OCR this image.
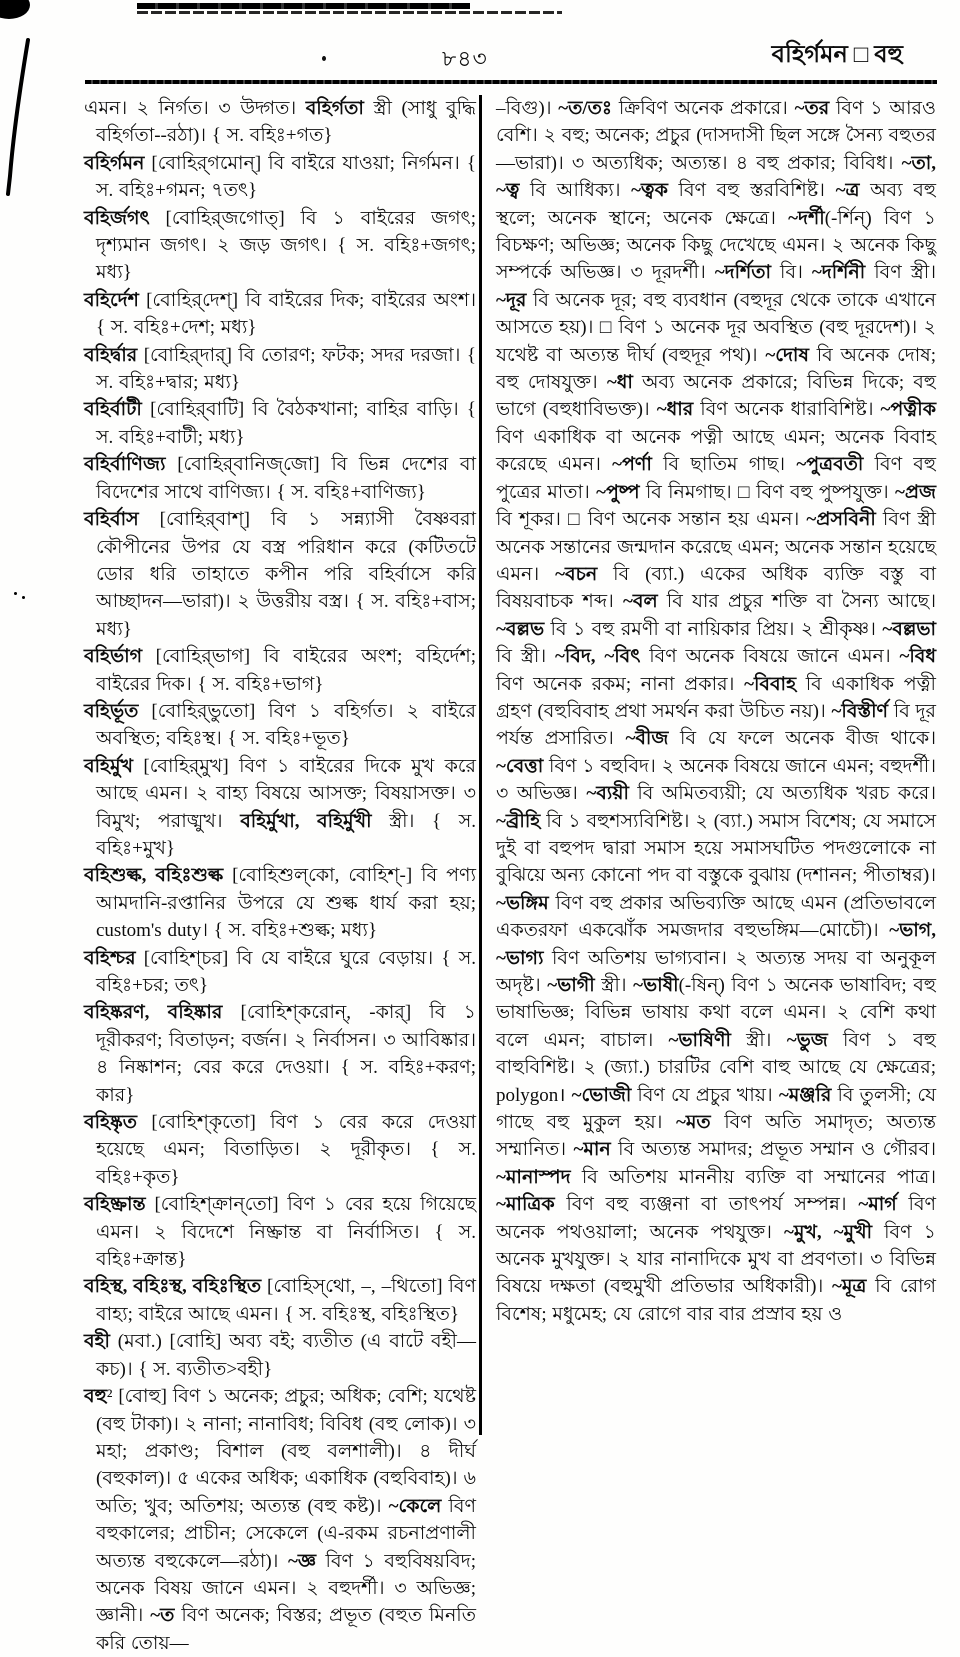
৮৪৩	বহির্গমন □ বহু

এমন। ২ নির্গত। ৩ উদ্গত। বহির্গতা স্ত্রী (সাধু বুদ্ধি বহির্গতা--রঠা)। { স. বহিঃ+গত}

বহির্গমন [বোহির্‌গমোন্] বি বাইরে যাওয়া; নির্গমন। { স. বহিঃ+গমন; ৭তৎ}

বহির্জগৎ [বোহির্‌জগোত্] বি ১ বাইরের জগৎ; দৃশ্যমান জগৎ। ২ জড় জগৎ। { স. বহিঃ+জগৎ; মধ্য}

বহির্দেশ [বোহির্‌দেশ্] বি বাইরের দিক; বাইরের অংশ। { স. বহিঃ+দেশ; মধ্য}

বহির্দ্বার [বোহির্‌দার্] বি তোরণ; ফটক; সদর দরজা। { স. বহিঃ+দ্বার; মধ্য}

বহির্বাটী [বোহির্‌বাটি] বি বৈঠকখানা; বাহির বাড়ি। { স. বহিঃ+বাটী; মধ্য}

বহির্বাণিজ্য [বোহির্‌বানিজ্‌জো] বি ভিন্ন দেশের বা বিদেশের সাথে বাণিজ্য। { স. বহিঃ+বাণিজ্য}

বহির্বাস [বোহির্‌বাশ্] বি ১ সন্ন্যাসী বৈষ্ণবরা কৌপীনের উপর যে বস্ত্র পরিধান করে (কটিতটে ডোর ধরি তাহাতে কপীন পরি বহির্বাসে করি আচ্ছাদন—ভারা)। ২ উত্তরীয় বস্ত্র। { স. বহিঃ+বাস; মধ্য}

বহির্ভাগ [বোহির্‌ভাগ] বি বাইরের অংশ; বহির্দেশ; বাইরের দিক। { স. বহিঃ+ভাগ}

বহির্ভূত [বোহির্‌ভুতো] বিণ ১ বহির্গত। ২ বাইরে অবস্থিত; বহিঃস্থ। { স. বহিঃ+ভূত}

বহির্মুখ [বোহির্‌মুখ] বিণ ১ বাইরের দিকে মুখ করে আছে এমন। ২ বাহ্য বিষয়ে আসক্ত; বিষয়াসক্ত। ৩ বিমুখ; পরাঙ্মুখ। বহির্মুখা, বহির্মুখী স্ত্রী। { স. বহিঃ+মুখ}

বহিশুল্ক, বহিঃশুল্ক [বোহিশুল্‌কো, বোহিশ্-] বি পণ্য আমদানি-রপ্তানির উপরে যে শুল্ক ধার্য করা হয়; custom's duty। { স. বহিঃ+শুল্ক; মধ্য}

বহিশ্চর [বোহিশ্‌চর] বি যে বাইরে ঘুরে বেড়ায়। { স. বহিঃ+চর; তৎ}

বহিষ্করণ, বহিষ্কার [বোহিশ্‌করোন্, -কার্] বি ১ দূরীকরণ; বিতাড়ন; বর্জন। ২ নির্বাসন। ৩ আবিষ্কার। ৪ নিষ্কাশন; বের করে দেওয়া। { স. বহিঃ+করণ; কার}

বহিষ্কৃত [বোহিশ্‌কৃতো] বিণ ১ বের করে দেওয়া হয়েছে এমন; বিতাড়িত। ২ দূরীকৃত। { স. বহিঃ+কৃত}

বহিষ্ক্রান্ত [বোহিশ্‌ক্রান্‌তো] বিণ ১ বের হয়ে গিয়েছে এমন। ২ বিদেশে নিষ্ক্রান্ত বা নির্বাসিত। { স. বহিঃ+ক্রান্ত}

বহিস্থ, বহিঃস্থ, বহিঃস্থিত [বোহিস্‌থো, –, –থিতো] বিণ বাহ্য; বাইরে আছে এমন। { স. বহিঃস্থ, বহিঃস্থিত}

বহী (মবা.) [বোহি] অব্য বই; ব্যতীত (এ বাটে বহী—কচ)। { স. ব্যতীত>বহী}

বহু² [বোহু] বিণ ১ অনেক; প্রচুর; অধিক; বেশি; যথেষ্ট (বহু টাকা)। ২ নানা; নানাবিধ; বিবিধ (বহু লোক)। ৩ মহা; প্রকাণ্ড; বিশাল (বহু বলশালী)। ৪ দীর্ঘ (বহুকাল)। ৫ একের অধিক; একাধিক (বহুবিবাহ)। ৬ অতি; খুব; অতিশয়; অত্যন্ত (বহু কষ্ট)। ~কেলে বিণ বহুকালের; প্রাচীন; সেকেলে (এ-রকম রচনাপ্রণালী অত্যন্ত বহুকেলে—রঠা)। ~জ্ঞ বিণ ১ বহুবিষয়বিদ; অনেক বিষয় জানে এমন। ২ বহুদর্শী। ৩ অভিজ্ঞ; জ্ঞানী। ~ত বিণ অনেক; বিস্তর; প্রভূত (বহুত মিনতি করি তোয়—

–বিগু)। ~ত/তঃ ক্রিবিণ অনেক প্রকারে। ~তর বিণ ১ আরও বেশি। ২ বহু; অনেক; প্রচুর (দাসদাসী ছিল সঙ্গে সৈন্য বহুতর—ভারা)। ৩ অত্যধিক; অত্যন্ত। ৪ বহু প্রকার; বিবিধ। ~তা, ~ত্ব বি আধিক্য। ~ত্বক বিণ বহু স্তরবিশিষ্ট। ~ত্র অব্য বহু স্থলে; অনেক স্থানে; অনেক ক্ষেত্রে। ~দর্শী(-র্শিন্) বিণ ১ বিচক্ষণ; অভিজ্ঞ; অনেক কিছু দেখেছে এমন। ২ অনেক কিছু সম্পর্কে অভিজ্ঞ। ৩ দূরদর্শী। ~দর্শিতা বি। ~দর্শিনী বিণ স্ত্রী। ~দূর বি অনেক দূর; বহু ব্যবধান (বহুদূর থেকে তাকে এখানে আসতে হয়)। □ বিণ ১ অনেক দূর অবস্থিত (বহু দূরদেশ)। ২ যথেষ্ট বা অত্যন্ত দীর্ঘ (বহুদূর পথ)। ~দোষ বি অনেক দোষ; বহু দোষযুক্ত। ~ধা অব্য অনেক প্রকারে; বিভিন্ন দিকে; বহু ভাগে (বহুধাবিভক্ত)। ~ধার বিণ অনেক ধারাবিশিষ্ট। ~পত্নীক বিণ একাধিক বা অনেক পত্নী আছে এমন; অনেক বিবাহ করেছে এমন। ~পর্ণা বি ছাতিম গাছ। ~পুত্রবতী বিণ বহু পুত্রের মাতা। ~পুষ্প বি নিমগাছ। □ বিণ বহু পুষ্পযুক্ত। ~প্রজ বি শূকর। □ বিণ অনেক সন্তান হয় এমন। ~প্রসবিনী বিণ স্ত্রী অনেক সন্তানের জন্মদান করেছে এমন; অনেক সন্তান হয়েছে এমন। ~বচন বি (ব্যা.) একের অধিক ব্যক্তি বস্তু বা বিষয়বাচক শব্দ। ~বল বি যার প্রচুর শক্তি বা সৈন্য আছে। ~বল্লভ বি ১ বহু রমণী বা নায়িকার প্রিয়। ২ শ্রীকৃষ্ণ। ~বল্লভা বি স্ত্রী। ~বিদ, ~বিৎ বিণ অনেক বিষয়ে জানে এমন। ~বিধ বিণ অনেক রকম; নানা প্রকার। ~বিবাহ বি একাধিক পত্নী গ্রহণ (বহুবিবাহ প্রথা সমর্থন করা উচিত নয়)। ~বিস্তীর্ণ বি দূর পর্যন্ত প্রসারিত। ~বীজ বি যে ফলে অনেক বীজ থাকে। ~বেত্তা বিণ ১ বহুবিদ। ২ অনেক বিষয়ে জানে এমন; বহুদর্শী। ৩ অভিজ্ঞ। ~ব্যয়ী বি অমিতব্যয়ী; যে অত্যধিক খরচ করে। ~ব্রীহি বি ১ বহুশস্যবিশিষ্ট। ২ (ব্যা.) সমাস বিশেষ; যে সমাসে দুই বা বহুপদ দ্বারা সমাস হয়ে সমাসঘটিত পদগুলোকে না বুঝিয়ে অন্য কোনো পদ বা বস্তুকে বুঝায় (দশানন; পীতাম্বর)। ~ভঙ্গিম বিণ বহু প্রকার অভিব্যক্তি আছে এমন (প্রতিভাবলে একতরফা একঝোঁক সমজদার বহুভঙ্গিম—মোচৌ)। ~ভাগ, ~ভাগ্য বিণ অতিশয় ভাগ্যবান। ২ অত্যন্ত সদয় বা অনুকূল অদৃষ্ট। ~ভাগী স্ত্রী। ~ভাষী(-ষিন্) বিণ ১ অনেক ভাষাবিদ; বহু ভাষাভিজ্ঞ; বিভিন্ন ভাষায় কথা বলে এমন। ২ বেশি কথা বলে এমন; বাচাল। ~ভাষিণী স্ত্রী। ~ভুজ বিণ ১ বহু বাহুবিশিষ্ট। ২ (জ্যা.) চারটির বেশি বাহু আছে যে ক্ষেত্রের; polygon। ~ভোজী বিণ যে প্রচুর খায়। ~মঞ্জরি বি তুলসী; যে গাছে বহু মুকুল হয়। ~মত বিণ অতি সমাদৃত; অত্যন্ত সম্মানিত। ~মান বি অত্যন্ত সমাদর; প্রভূত সম্মান ও গৌরব। ~মানাস্পদ বি অতিশয় মাননীয় ব্যক্তি বা সম্মানের পাত্র। ~মাত্রিক বিণ বহু ব্যঞ্জনা বা তাৎপর্য সম্পন্ন। ~মার্গ বিণ অনেক পথওয়ালা; অনেক পথযুক্ত। ~মুখ, ~মুখী বিণ ১ অনেক মুখযুক্ত। ২ যার নানাদিকে মুখ বা প্রবণতা। ৩ বিভিন্ন বিষয়ে দক্ষতা (বহুমুখী প্রতিভার অধিকারী)। ~মূত্র বি রোগ বিশেষ; মধুমেহ; যে রোগে বার বার প্রস্রাব হয় ও
